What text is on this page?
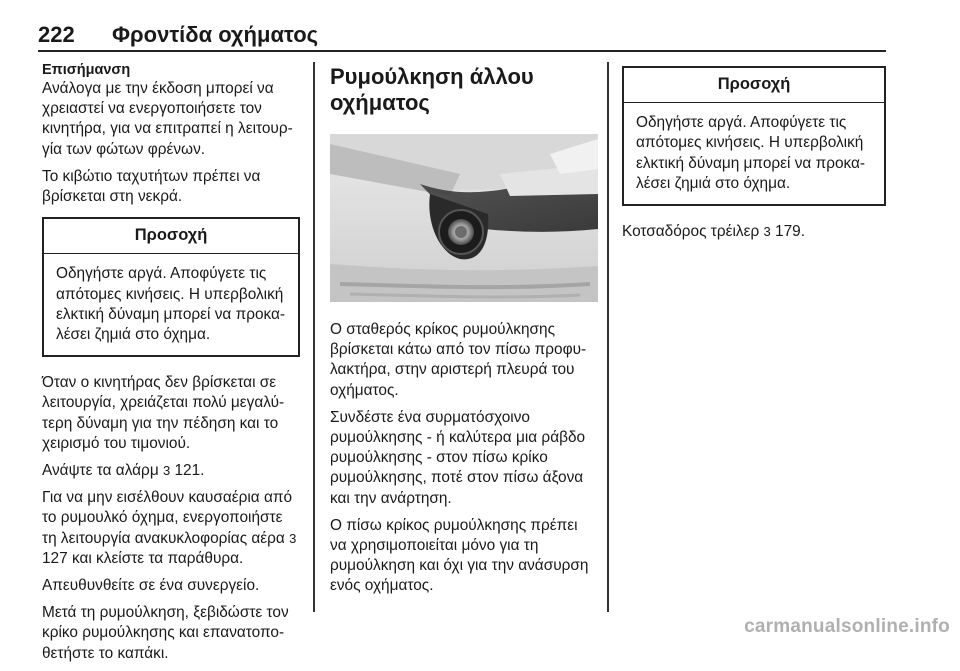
222 Φροντίδα οχήματος
Επισήμανση

Ανάλογα με την έκδοση μπορεί να χρειαστεί να ενεργοποιήσετε τον κινητήρα, για να επιτραπεί η λειτουρ- γία των φώτων φρένων.

Το κιβώτιο ταχυτήτων πρέπει να βρίσκεται στη νεκρά.

Προσοχή
Οδηγήστε αργά. Αποφύγετε τις απότομες κινήσεις. Η υπερβολική ελκτική δύναμη μπορεί να προκα- λέσει ζημιά στο όχημα.

Όταν ο κινητήρας δεν βρίσκεται σε λειτουργία, χρειάζεται πολύ μεγαλύ- τερη δύναμη για την πέδηση και το χειρισμό του τιμονιού.

Ανάψτε τα αλάρμ 3 121.

Για να μην εισέλθουν καυσαέρια από το ρυμουλκό όχημα, ενεργοποιήστε τη λειτουργία ανακυκλοφορίας αέρα 3 127 και κλείστε τα παράθυρα.

Απευθυνθείτε σε ένα συνεργείο.

Μετά τη ρυμούλκηση, ξεβιδώστε τον κρίκο ρυμούλκησης και επανατοπο- θετήστε το καπάκι.

Ρυμούλκηση άλλου οχήματος

Ο σταθερός κρίκος ρυμούλκησης βρίσκεται κάτω από τον πίσω προφυ- λακτήρα, στην αριστερή πλευρά του οχήματος.

Συνδέστε ένα συρματόσχοινο ρυμούλκησης - ή καλύτερα μια ράβδο ρυμούλκησης - στον πίσω κρίκο ρυμούλκησης, ποτέ στον πίσω άξονα και την ανάρτηση.

Ο πίσω κρίκος ρυμούλκησης πρέπει να χρησιμοποιείται μόνο για τη ρυμούλκηση και όχι για την ανάσυρση ενός οχήματος.

Προσοχή
Οδηγήστε αργά. Αποφύγετε τις απότομες κινήσεις. Η υπερβολική ελκτική δύναμη μπορεί να προκα- λέσει ζημιά στο όχημα.

Κοτσαδόρος τρέιλερ 3 179.

carmanualsonline.info
